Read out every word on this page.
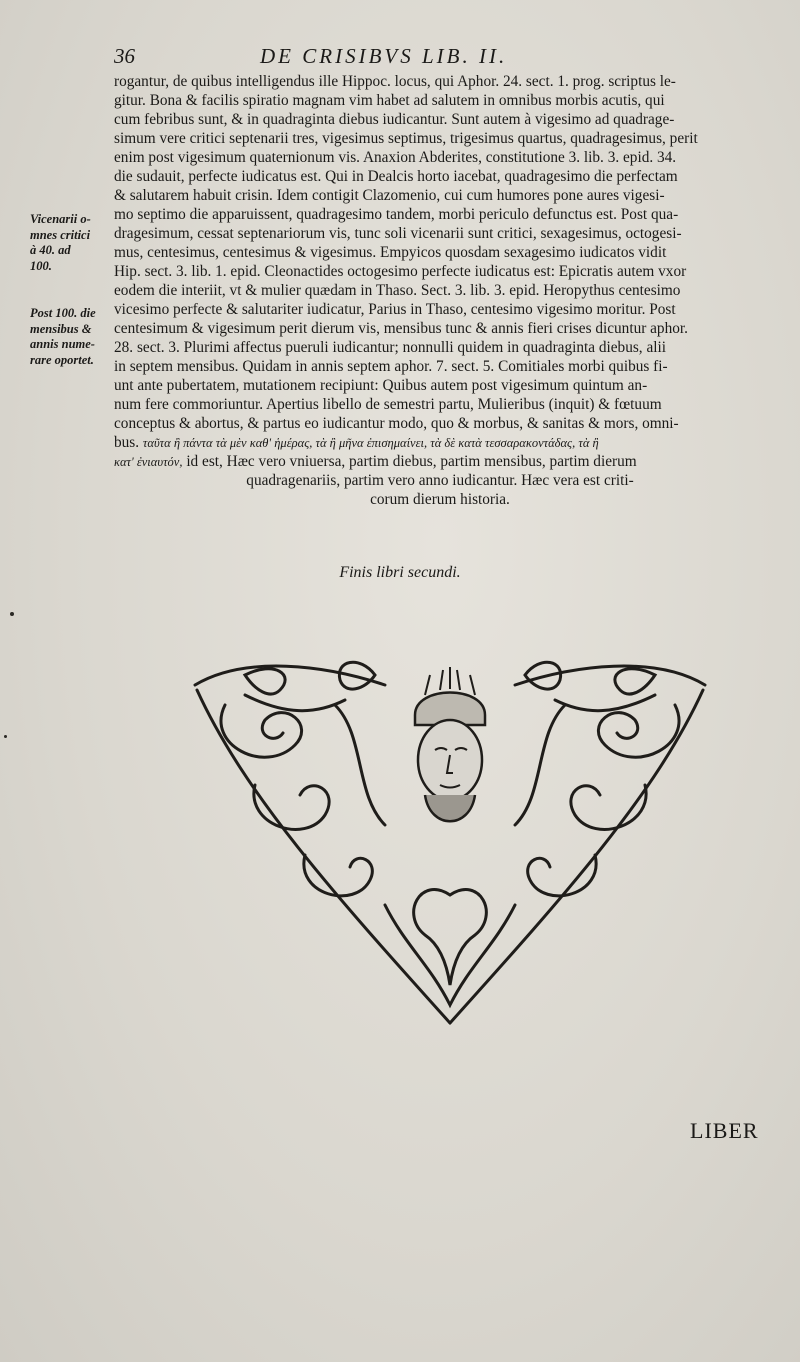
36	DE CRISIBVS LIB. II.
rogantur, de quibus intelligendus ille Hippoc. locus, qui Aphor. 24. sect. 1. prog. scriptus le-
gitur. Bona & facilis spiratio magnam vim habet ad salutem in omnibus morbis acutis, qui
cum febribus sunt, & in quadraginta diebus iudicantur. Sunt autem à vigesimo ad quadrage-
simum vere critici septenarii tres, vigesimus septimus, trigesimus quartus, quadragesimus, perit
enim post vigesimum quaternionum vis. Anaxion Abderites, constitutione 3. lib. 3. epid. 34.
die sudauit, perfecte iudicatus est. Qui in Dealcis horto iacebat, quadragesimo die perfectam
& salutarem habuit crisin. Idem contigit Clazomenio, cui cum humores pone aures vigesi-
mo septimo die apparuissent, quadragesimo tandem, morbi periculo defunctus est. Post qua-
dragesimum, cessat septenariorum vis, tunc soli vicenarii sunt critici, sexagesimus, octogesi-
mus, centesimus, centesimus & vigesimus. Empyicos quosdam sexagesimo iudicatos vidit
Hip. sect. 3. lib. 1. epid. Cleonactides octogesimo perfecte iudicatus est: Epicratis autem vxor
eodem die interiit, vt & mulier quædam in Thaso. Sect. 3. lib. 3. epid. Heropythus centesimo
vicesimo perfecte & salutariter iudicatur, Parius in Thaso, centesimo vigesimo moritur. Post
centesimum & vigesimum perit dierum vis, mensibus tunc & annis fieri crises dicuntur aphor.
28. sect. 3. Plurimi affectus pueruli iudicantur; nonnulli quidem in quadraginta diebus, alii
in septem mensibus. Quidam in annis septem aphor. 7. sect. 5. Comitiales morbi quibus fi-
unt ante pubertatem, mutationem recipiunt: Quibus autem post vigesimum quintum an-
num fere commoriuntur. Apertius libello de semestri partu, Mulieribus (inquit) & fœtuum
conceptus & abortus, & partus eo iudicantur modo, quo & morbus, & sanitas & mors, omni-
bus. ταῦτα ἢ πάντα τὰ μὲν καθ' ἡμέρας, τὰ ἢ μῆνα ἐπισημαίνει, τὰ δὲ κατὰ τεσσαρακοντάδας, τὰ ἢ
κατ' ἐνιαυτόν, id est, Hæc vero vniuersa, partim diebus, partim mensibus, partim dierum
quadragenariis, partim vero anno iudicantur. Hæc vera est criti-
corum dierum historia.
Vicenarii o-
mnes critici
à 40. ad
100.
Post 100. die
mensibus &
annis nume-
rare oportet.
Finis libri secundi.
LIBER
